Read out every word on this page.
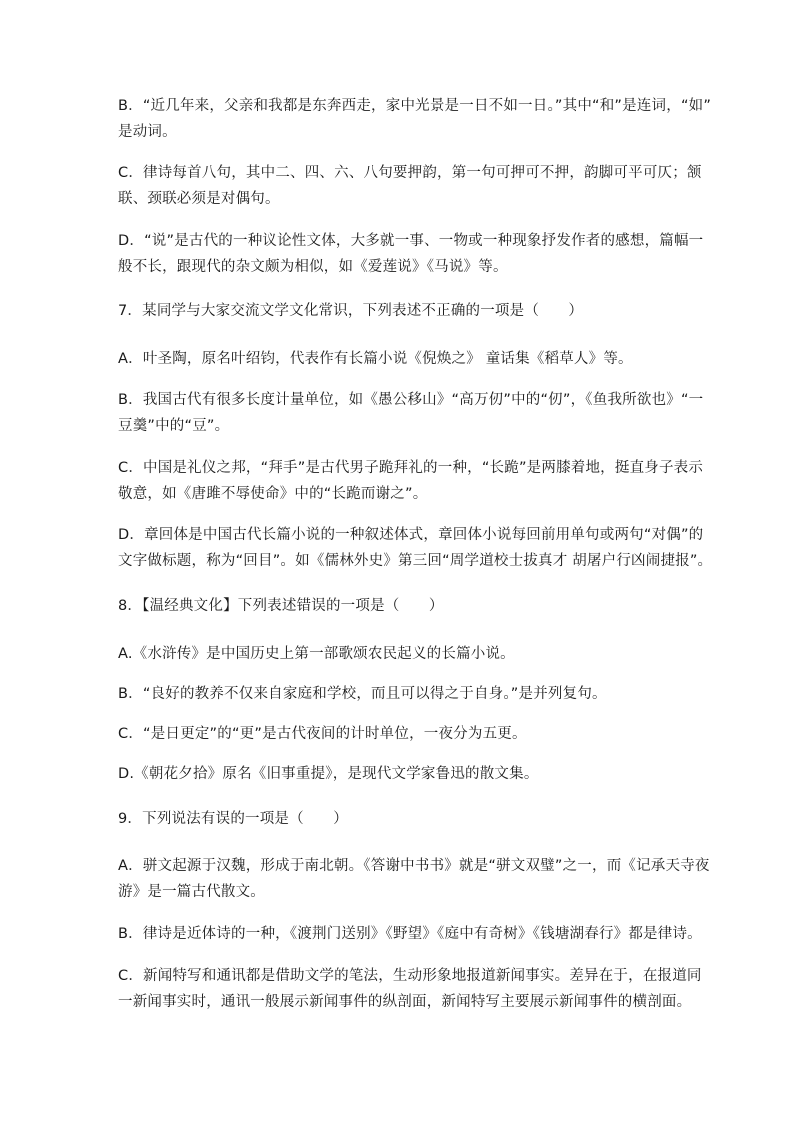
B．“近几年来，父亲和我都是东奔西走，家中光景是一日不如一日。”其中“和”是连词，“如”
是动词。
C．律诗每首八句，其中二、四、六、八句要押韵，第一句可押可不押，韵脚可平可仄；颔
联、颈联必须是对偶句。
D．“说”是古代的一种议论性文体，大多就一事、一物或一种现象抒发作者的感想，篇幅一
般不长，跟现代的杂文颇为相似，如《爱莲说》《马说》等。
7．某同学与大家交流文学文化常识，下列表述不正确的一项是（　　）
A．叶圣陶，原名叶绍钧，代表作有长篇小说《倪焕之》 童话集《稻草人》等。
B．我国古代有很多长度计量单位，如《愚公移山》“高万仞”中的“仞”，《鱼我所欲也》“一
豆羹”中的“豆”。
C．中国是礼仪之邦，“拜手”是古代男子跪拜礼的一种，“长跪”是两膝着地，挺直身子表示
敬意，如《唐雎不辱使命》中的“长跪而谢之”。
D．章回体是中国古代长篇小说的一种叙述体式，章回体小说每回前用单句或两句“对偶”的
文字做标题，称为“回目”。如《儒林外史》第三回“周学道校士拔真才 胡屠户行凶闹捷报”。
8．【温经典文化】下列表述错误的一项是（　　）
A.《水浒传》是中国历史上第一部歌颂农民起义的长篇小说。
B．“良好的教养不仅来自家庭和学校，而且可以得之于自身。”是并列复句。
C．“是日更定”的“更”是古代夜间的计时单位，一夜分为五更。
D.《朝花夕拾》原名《旧事重提》，是现代文学家鲁迅的散文集。
9．下列说法有误的一项是（　　）
A．骈文起源于汉魏，形成于南北朝。《答谢中书书》就是“骈文双璧”之一，而《记承天寺夜
游》是一篇古代散文。
B．律诗是近体诗的一种，《渡荆门送别》《野望》《庭中有奇树》《钱塘湖春行》都是律诗。
C．新闻特写和通讯都是借助文学的笔法，生动形象地报道新闻事实。差异在于，在报道同
一新闻事实时，通讯一般展示新闻事件的纵剖面，新闻特写主要展示新闻事件的横剖面。
